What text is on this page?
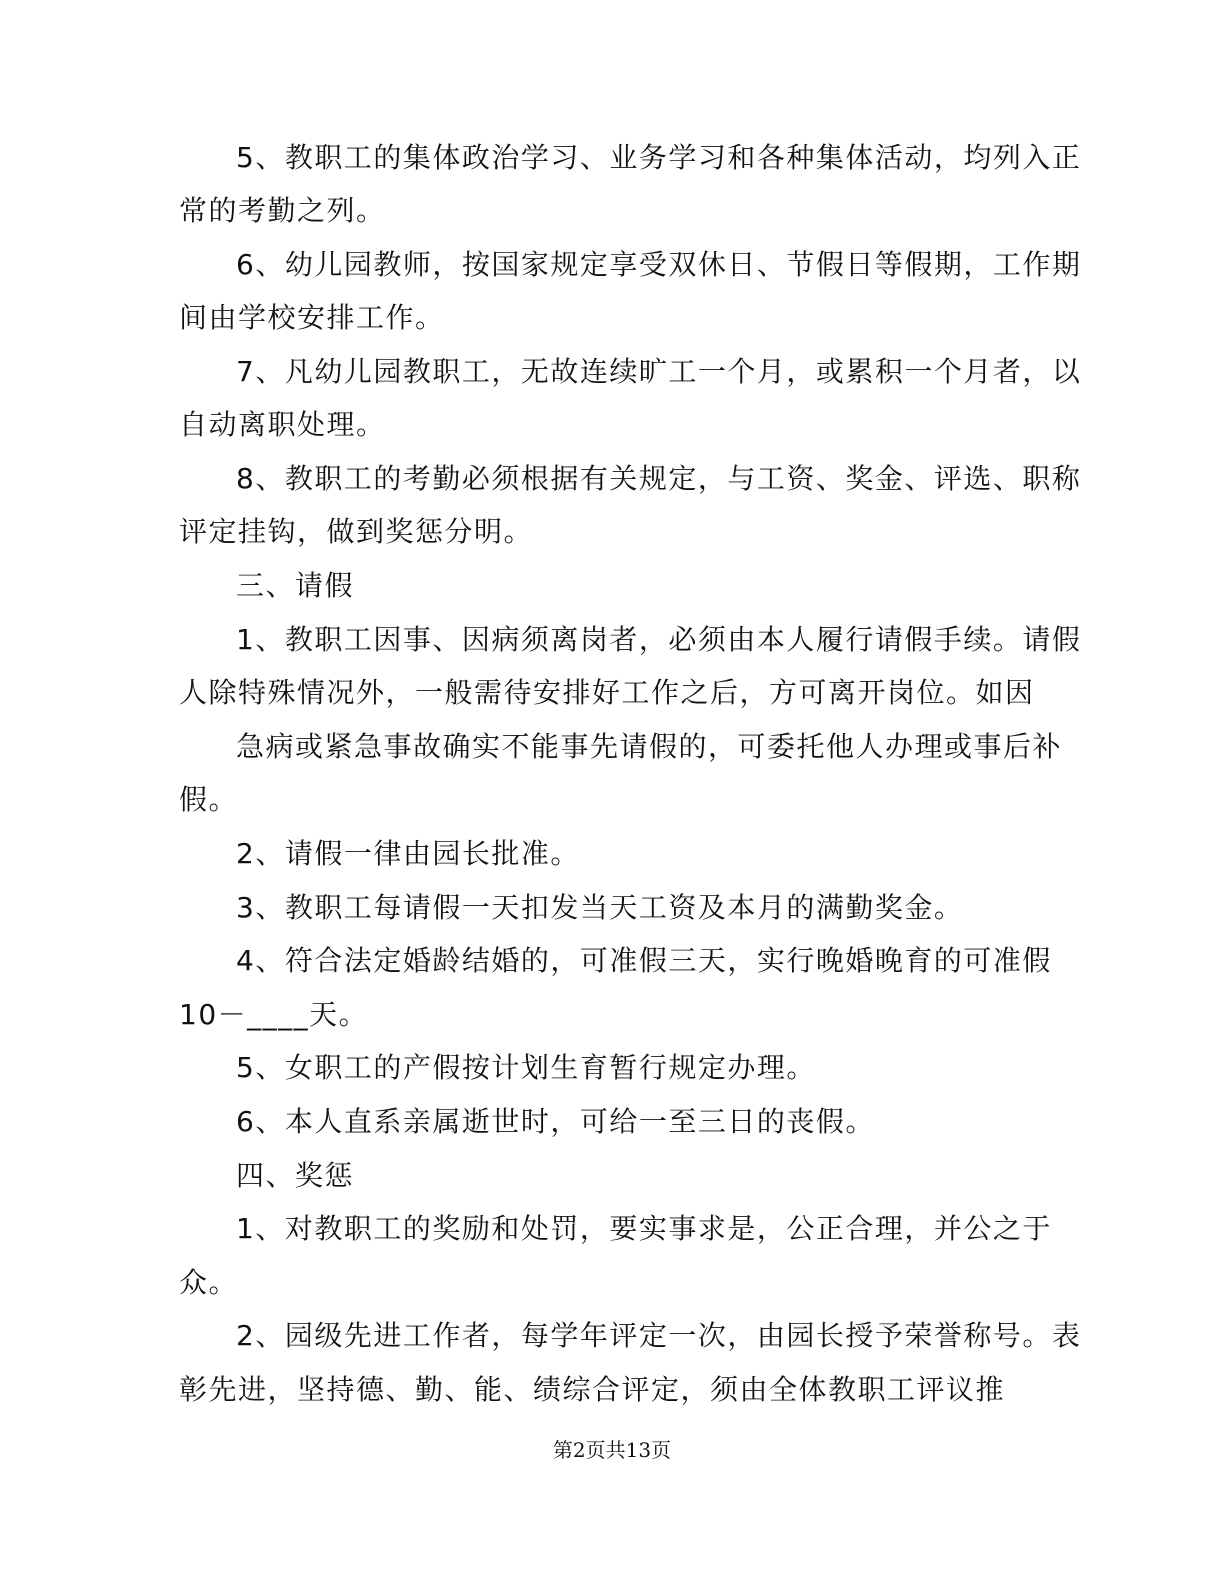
5、教职工的集体政治学习、业务学习和各种集体活动，均列入正
常的考勤之列。
6、幼儿园教师，按国家规定享受双休日、节假日等假期，工作期
间由学校安排工作。
7、凡幼儿园教职工，无故连续旷工一个月，或累积一个月者，以
自动离职处理。
8、教职工的考勤必须根据有关规定，与工资、奖金、评选、职称
评定挂钩，做到奖惩分明。
三、请假
1、教职工因事、因病须离岗者，必须由本人履行请假手续。请假
人除特殊情况外，一般需待安排好工作之后，方可离开岗位。如因
急病或紧急事故确实不能事先请假的，可委托他人办理或事后补
假。
2、请假一律由园长批准。
3、教职工每请假一天扣发当天工资及本月的满勤奖金。
4、符合法定婚龄结婚的，可准假三天，实行晚婚晚育的可准假
10－____天。
5、女职工的产假按计划生育暂行规定办理。
6、本人直系亲属逝世时，可给一至三日的丧假。
四、奖惩
1、对教职工的奖励和处罚，要实事求是，公正合理，并公之于
众。
2、园级先进工作者，每学年评定一次，由园长授予荣誉称号。表
彰先进，坚持德、勤、能、绩综合评定，须由全体教职工评议推
第2页共13页
